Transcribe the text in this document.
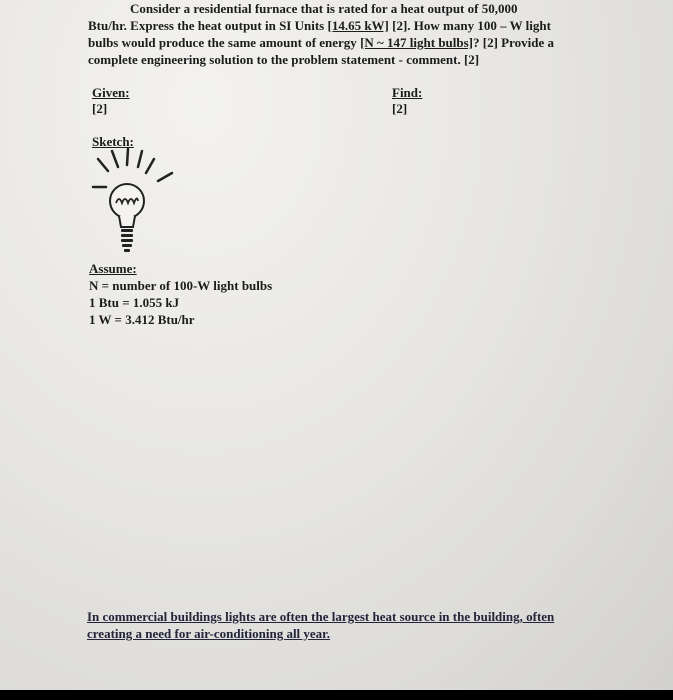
Consider a residential furnace that is rated for a heat output of 50,000
Btu/hr. Express the heat output in SI Units [14.65 kW] [2]. How many 100 – W light
bulbs would produce the same amount of energy [N ~ 147 light bulbs]? [2] Provide a
complete engineering solution to the problem statement - comment. [2]
Given:
[2]
Find:
[2]
Sketch:
Assume:
N = number of 100-W light bulbs
1 Btu = 1.055 kJ
1 W = 3.412 Btu/hr
In commercial buildings lights are often the largest heat source in the building, often
creating a need for air-conditioning all year.
